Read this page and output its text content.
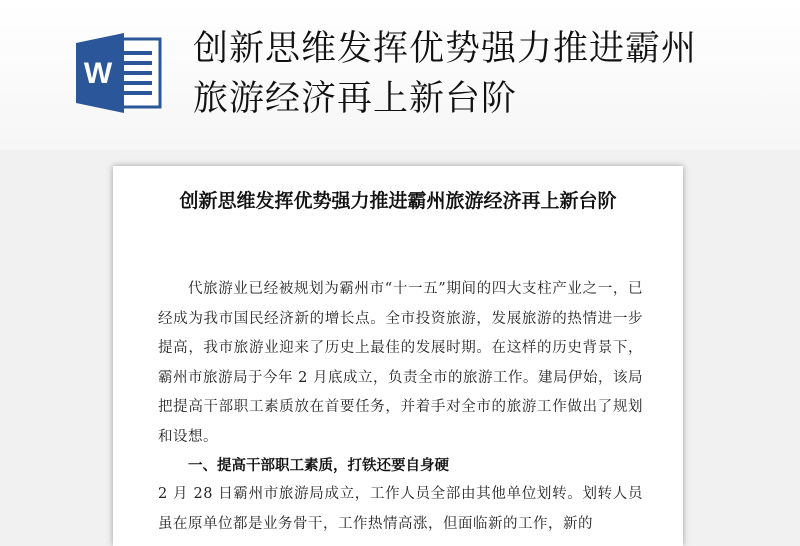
W
创新思维发挥优势强力推进霸州
旅游经济再上新台阶
创新思维发挥优势强力推进霸州旅游经济再上新台阶
代旅游业已经被规划为霸州市“十一五”期间的四大支柱产业之一，已经成为我市国民经济新的增长点。全市投资旅游，发展旅游的热情进一步提高，我市旅游业迎来了历史上最佳的发展时期。在这样的历史背景下，霸州市旅游局于今年 2 月底成立，负责全市的旅游工作。建局伊始，该局把提高干部职工素质放在首要任务，并着手对全市的旅游工作做出了规划和设想。
一、提高干部职工素质，打铁还要自身硬
2 月 28 日霸州市旅游局成立，工作人员全部由其他单位划转。划转人员虽在原单位都是业务骨干，工作热情高涨，但面临新的工作，新的
